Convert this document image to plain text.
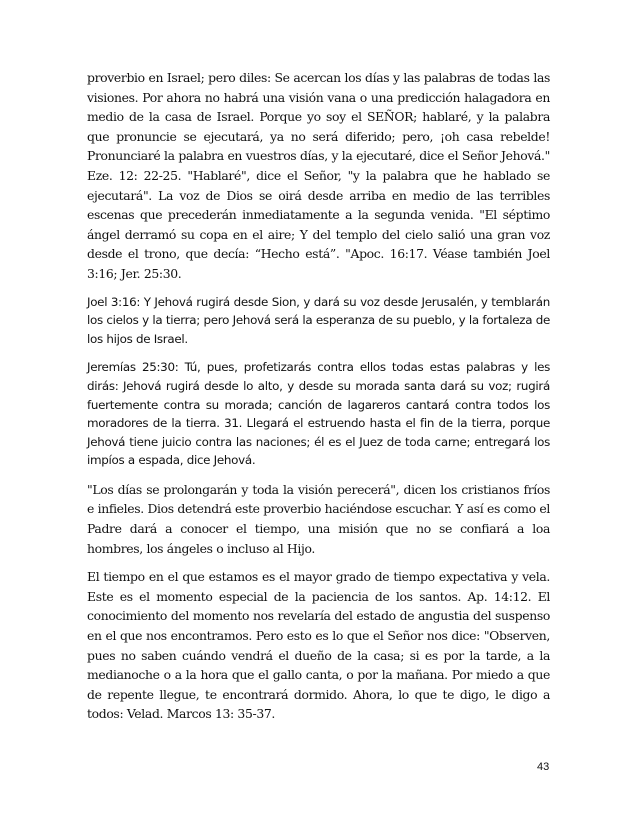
proverbio en Israel; pero diles: Se acercan los días y las palabras de todas las visiones. Por ahora no habrá una visión vana o una predicción halagadora en medio de la casa de Israel. Porque yo soy el SEÑOR; hablaré, y la palabra que pronuncie se ejecutará, ya no será diferido; pero, ¡oh casa rebelde! Pronunciaré la palabra en vuestros días, y la ejecutaré, dice el Señor Jehová." Eze. 12: 22-25. "Hablaré", dice el Señor, "y la palabra que he hablado se ejecutará". La voz de Dios se oirá desde arriba en medio de las terribles escenas que precederán inmediatamente a la segunda venida. "El séptimo ángel derramó su copa en el aire; Y del templo del cielo salió una gran voz desde el trono, que decía: “Hecho está”. "Apoc. 16:17. Véase también Joel 3:16; Jer. 25:30.

Joel 3:16: Y Jehová rugirá desde Sion, y dará su voz desde Jerusalén, y temblarán los cielos y la tierra; pero Jehová será la esperanza de su pueblo, y la fortaleza de los hijos de Israel.

Jeremías 25:30: Tú, pues, profetizarás contra ellos todas estas palabras y les dirás: Jehová rugirá desde lo alto, y desde su morada santa dará su voz; rugirá fuertemente contra su morada; canción de lagareros cantará contra todos los moradores de la tierra. 31. Llegará el estruendo hasta el fin de la tierra, porque Jehová tiene juicio contra las naciones; él es el Juez de toda carne; entregará los impíos a espada, dice Jehová.

"Los días se prolongarán y toda la visión perecerá", dicen los cristianos fríos e infieles. Dios detendrá este proverbio haciéndose escuchar. Y así es como el Padre dará a conocer el tiempo, una misión que no se confiará a loa hombres, los ángeles o incluso al Hijo.

El tiempo en el que estamos es el mayor grado de tiempo expectativa y vela. Este es el momento especial de la paciencia de los santos. Ap. 14:12. El conocimiento del momento nos revelaría del estado de angustia del suspenso en el que nos encontramos. Pero esto es lo que el Señor nos dice: "Observen, pues no saben cuándo vendrá el dueño de la casa; si es por la tarde, a la medianoche o a la hora que el gallo canta, o por la mañana. Por miedo a que de repente llegue, te encontrará dormido. Ahora, lo que te digo, le digo a todos: Velad. Marcos 13: 35-37.

43
